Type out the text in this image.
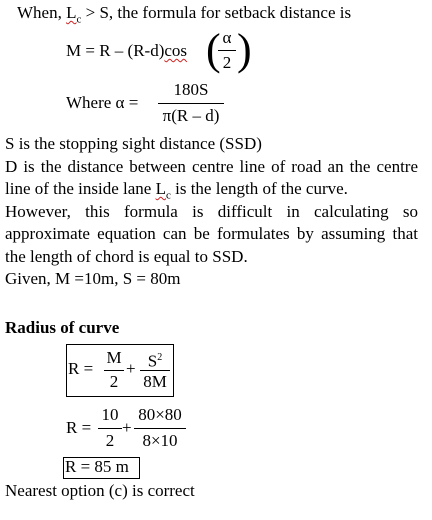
When, $L_c > S$, the formula for setback distance is
M = R – (R-d)cos ( α
2 )
Where α =
180S
π(R – d)
S is the stopping sight distance (SSD)
D is the distance between centre line of road an the centre line of the inside lane $L_c$ is the length of the curve.
However, this formula is difficult in calculating so approximate equation can be formulates by assuming that the length of chord is equal to SSD.
Given, M =10m, S = 80m
Radius of curve
R =
M
2
+ $S^2$
8M
R =
10
2
+
80×80
8×10
R = 85 m
Nearest option (c) is correct
